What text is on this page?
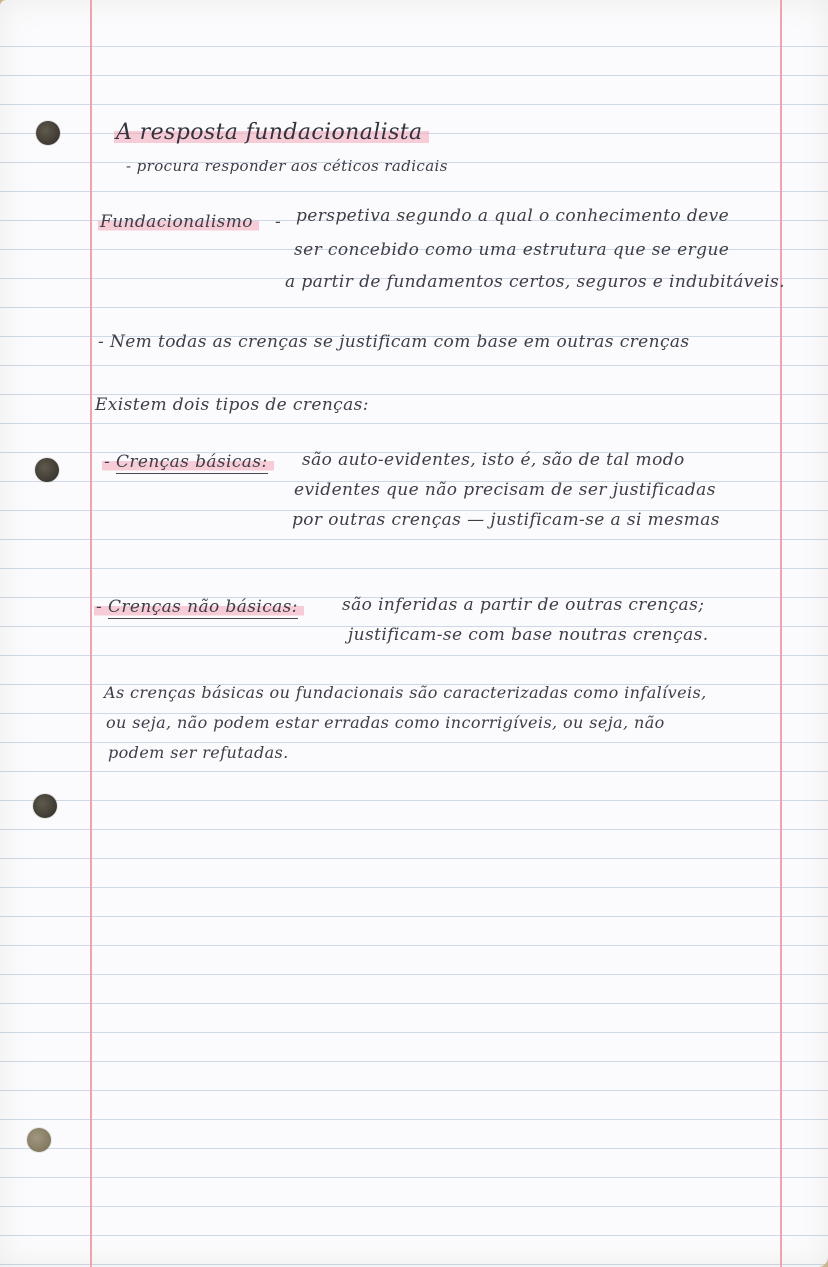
A resposta fundacionalista
- procura responder aos céticos radicais
Fundacionalismo	- perspetiva segundo a qual o conhecimento deve
ser concebido como uma estrutura que se ergue
a partir de fundamentos certos, seguros e indubitáveis.
- Nem todas as crenças se justificam com base em outras crenças
Existem dois tipos de crenças:
- Crenças básicas:	são auto-evidentes, isto é, são de tal modo
evidentes que não precisam de ser justificadas
por outras crenças — justificam-se a si mesmas
- Crenças não básicas:	são inferidas a partir de outras crenças;
justificam-se com base noutras crenças.
As crenças básicas ou fundacionais são caracterizadas como infalíveis,
ou seja, não podem estar erradas como incorrigíveis, ou seja, não
podem ser refutadas.
